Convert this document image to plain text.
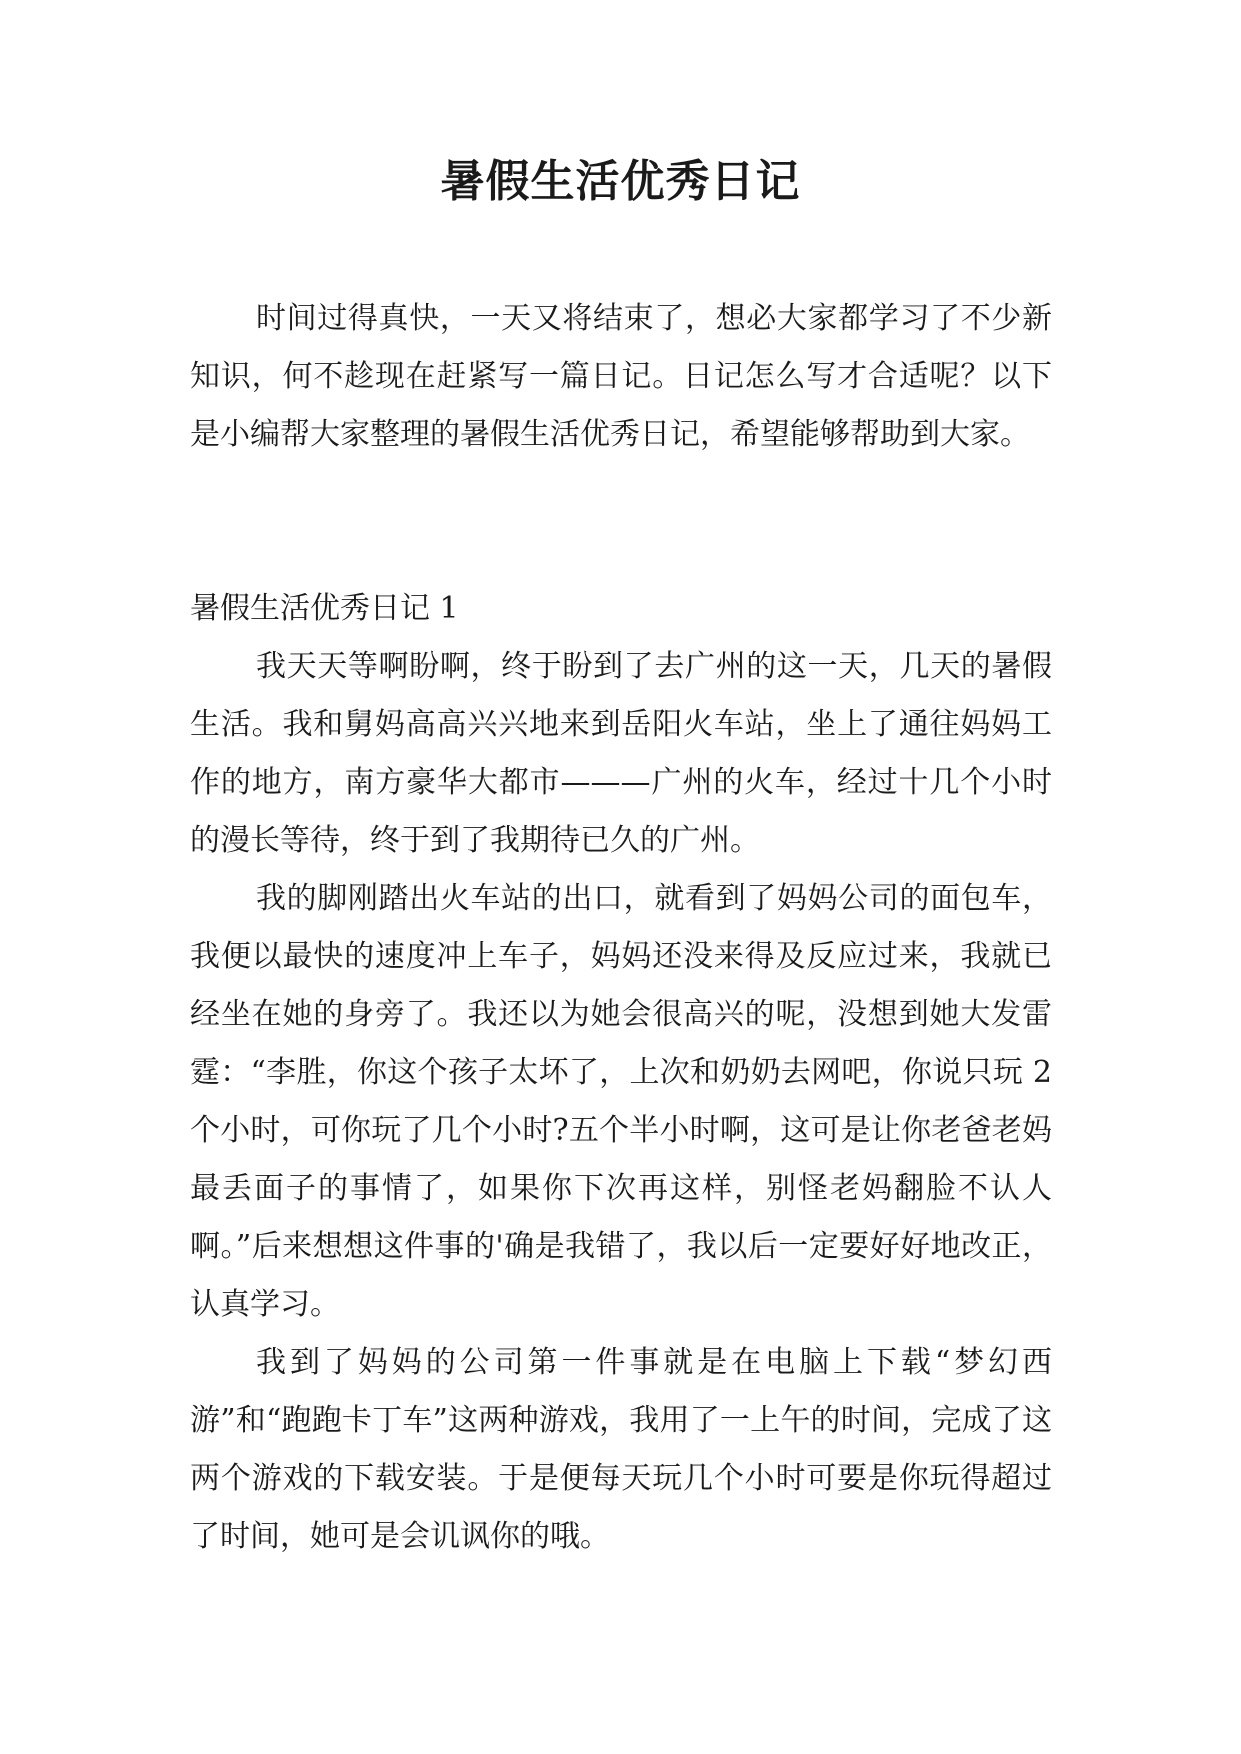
暑假生活优秀日记

时间过得真快，一天又将结束了，想必大家都学习了不少新知识，何不趁现在赶紧写一篇日记。日记怎么写才合适呢？以下是小编帮大家整理的暑假生活优秀日记，希望能够帮助到大家。

暑假生活优秀日记 1

我天天等啊盼啊，终于盼到了去广州的这一天，几天的暑假生活。我和舅妈高高兴兴地来到岳阳火车站，坐上了通往妈妈工作的地方，南方豪华大都市———广州的火车，经过十几个小时的漫长等待，终于到了我期待已久的广州。

我的脚刚踏出火车站的出口，就看到了妈妈公司的面包车，我便以最快的速度冲上车子，妈妈还没来得及反应过来，我就已经坐在她的身旁了。我还以为她会很高兴的呢，没想到她大发雷霆：“李胜，你这个孩子太坏了，上次和奶奶去网吧，你说只玩 2 个小时，可你玩了几个小时?五个半小时啊，这可是让你老爸老妈最丢面子的事情了，如果你下次再这样，别怪老妈翻脸不认人啊。”后来想想这件事的'确是我错了，我以后一定要好好地改正，认真学习。

我到了妈妈的公司第一件事就是在电脑上下载“梦幻西游”和“跑跑卡丁车”这两种游戏，我用了一上午的时间，完成了这两个游戏的下载安装。于是便每天玩几个小时可要是你玩得超过了时间，她可是会讥讽你的哦。
